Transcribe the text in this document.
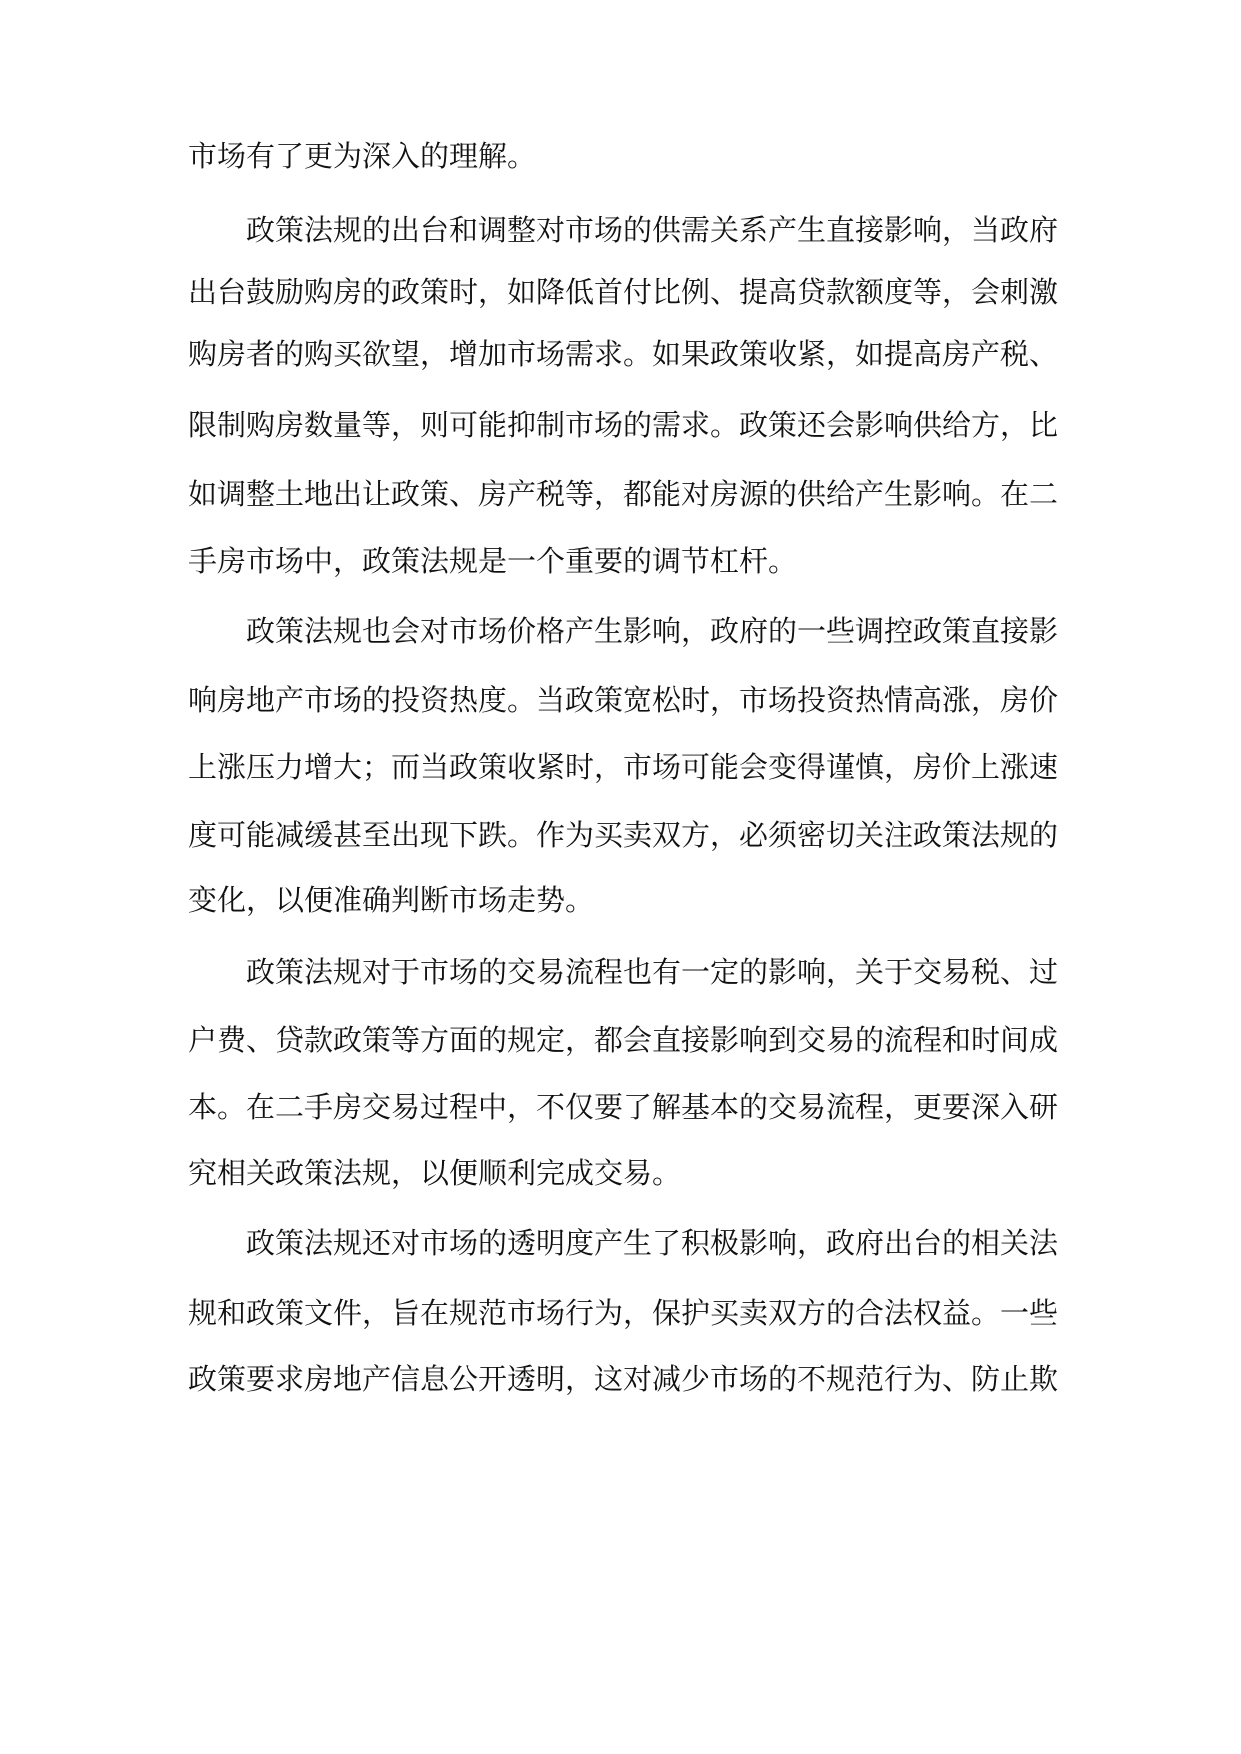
市场有了更为深入的理解。
政策法规的出台和调整对市场的供需关系产生直接影响，当政府
出台鼓励购房的政策时，如降低首付比例、提高贷款额度等，会刺激
购房者的购买欲望，增加市场需求。如果政策收紧，如提高房产税、
限制购房数量等，则可能抑制市场的需求。政策还会影响供给方，比
如调整土地出让政策、房产税等，都能对房源的供给产生影响。在二
手房市场中，政策法规是一个重要的调节杠杆。
政策法规也会对市场价格产生影响，政府的一些调控政策直接影
响房地产市场的投资热度。当政策宽松时，市场投资热情高涨，房价
上涨压力增大；而当政策收紧时，市场可能会变得谨慎，房价上涨速
度可能减缓甚至出现下跌。作为买卖双方，必须密切关注政策法规的
变化，以便准确判断市场走势。
政策法规对于市场的交易流程也有一定的影响，关于交易税、过
户费、贷款政策等方面的规定，都会直接影响到交易的流程和时间成
本。在二手房交易过程中，不仅要了解基本的交易流程，更要深入研
究相关政策法规，以便顺利完成交易。
政策法规还对市场的透明度产生了积极影响，政府出台的相关法
规和政策文件，旨在规范市场行为，保护买卖双方的合法权益。一些
政策要求房地产信息公开透明，这对减少市场的不规范行为、防止欺
